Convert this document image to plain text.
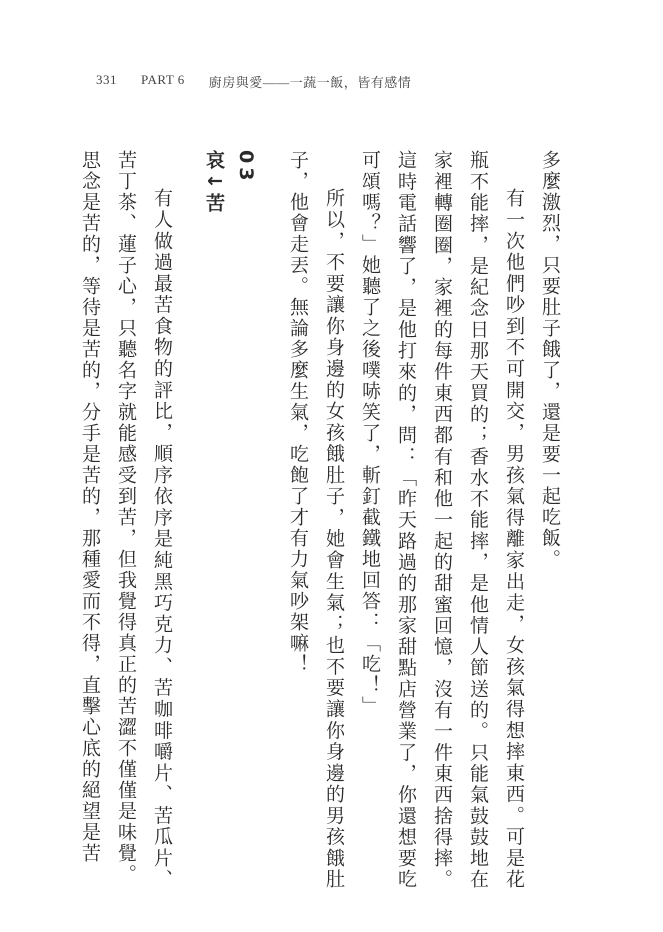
331 PART 6 廚房與愛——一蔬一飯，皆有感情

多麼激烈，只要肚子餓了，還是要一起吃飯。

有一次他們吵到不可開交，男孩氣得離家出走，女孩氣得想摔東西。可是花瓶不能摔，是紀念日那天買的；香水不能摔，是他情人節送的。只能氣鼓鼓地在家裡轉圈圈，家裡的每件東西都有和他一起的甜蜜回憶，沒有一件東西捨得摔。這時電話響了，是他打來的，問：「昨天路過的那家甜點店營業了，你還想要吃可頌嗎？」她聽了之後噗哧笑了，斬釘截鐵地回答：「吃！」

所以，不要讓你身邊的女孩餓肚子，她會生氣；也不要讓你身邊的男孩餓肚子，他會走丟。無論多麼生氣，吃飽了才有力氣吵架嘛！

03
哀↓苦

有人做過最苦食物的評比，順序依序是純黑巧克力、苦咖啡嚼片、苦瓜片、苦丁茶、蓮子心，只聽名字就能感受到苦，但我覺得真正的苦澀不僅僅是味覺。

思念是苦的，等待是苦的，分手是苦的，那種愛而不得，直擊心底的絕望是苦
